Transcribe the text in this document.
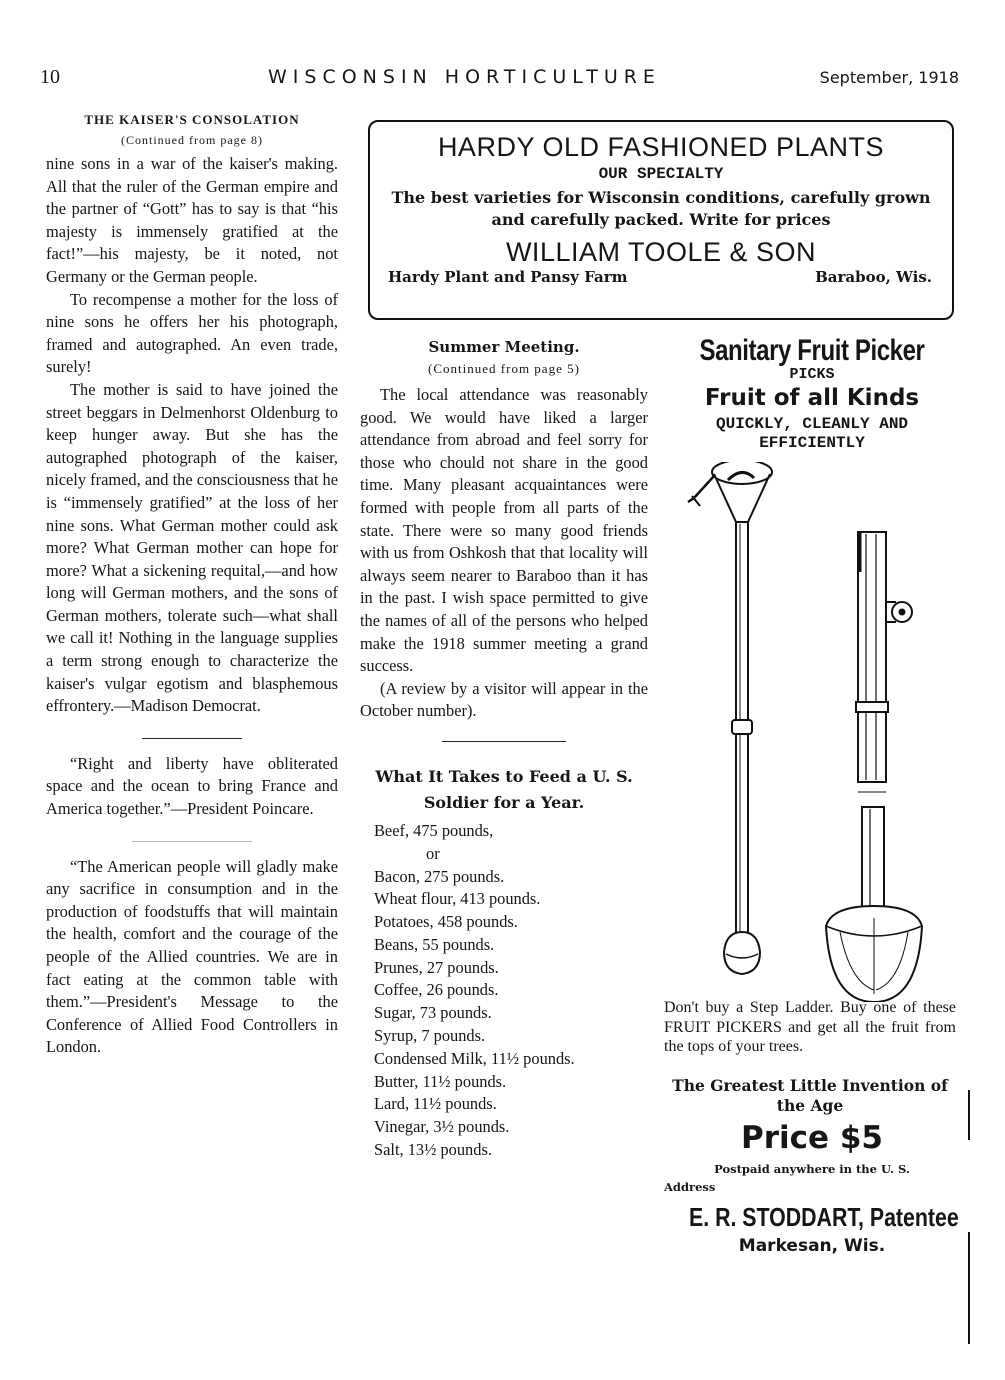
10	WISCONSIN HORTICULTURE	September, 1918
THE KAISER'S CONSOLATION
(Continued from page 8)

nine sons in a war of the kaiser's making. All that the ruler of the German empire and the partner of “Gott” has to say is that “his majesty is immensely gratified at the fact!”—his majesty, be it noted, not Germany or the German people.

To recompense a mother for the loss of nine sons he offers her his photograph, framed and autographed. An even trade, surely!

The mother is said to have joined the street beggars in Delmenhorst Oldenburg to keep hunger away. But she has the autographed photograph of the kaiser, nicely framed, and the consciousness that he is “immensely gratified” at the loss of her nine sons. What German mother could ask more? What German mother can hope for more? What a sickening requital,—and how long will German mothers, and the sons of German mothers, tolerate such—what shall we call it! Nothing in the language supplies a term strong enough to characterize the kaiser's vulgar egotism and blasphemous effrontery.—Madison Democrat.

“Right and liberty have obliterated space and the ocean to bring France and America together.”—President Poincare.

“The American people will gladly make any sacrifice in consumption and in the production of foodstuffs that will maintain the health, comfort and the courage of the people of the Allied countries. We are in fact eating at the common table with them.”—President's Message to the Conference of Allied Food Controllers in London.

HARDY OLD FASHIONED PLANTS
OUR SPECIALTY
The best varieties for Wisconsin conditions, carefully grown and carefully packed. Write for prices
WILLIAM TOOLE & SON
Hardy Plant and Pansy Farm	Baraboo, Wis.
Summer Meeting.
(Continued from page 5)

The local attendance was reasonably good. We would have liked a larger attendance from abroad and feel sorry for those who chould not share in the good time. Many pleasant acquaintances were formed with people from all parts of the state. There were so many good friends with us from Oshkosh that that locality will always seem nearer to Baraboo than it has in the past. I wish space permitted to give the names of all of the persons who helped make the 1918 summer meeting a grand success.

(A review by a visitor will appear in the October number).

What It Takes to Feed a U. S. Soldier for a Year.
Beef, 475 pounds,
or
Bacon, 275 pounds.
Wheat flour, 413 pounds.
Potatoes, 458 pounds.
Beans, 55 pounds.
Prunes, 27 pounds.
Coffee, 26 pounds.
Sugar, 73 pounds.
Syrup, 7 pounds.
Condensed Milk, 11½ pounds.
Butter, 11½ pounds.
Lard, 11½ pounds.
Vinegar, 3½ pounds.
Salt, 13½ pounds.
Sanitary Fruit Picker
PICKS
Fruit of all Kinds
QUICKLY, CLEANLY AND EFFICIENTLY
Don't buy a Step Ladder. Buy one of these FRUIT PICKERS and get all the fruit from the tops of your trees.
The Greatest Little Invention of the Age
Price $5
Postpaid anywhere in the U. S.
Address
E. R. STODDART, Patentee
Markesan, Wis.
